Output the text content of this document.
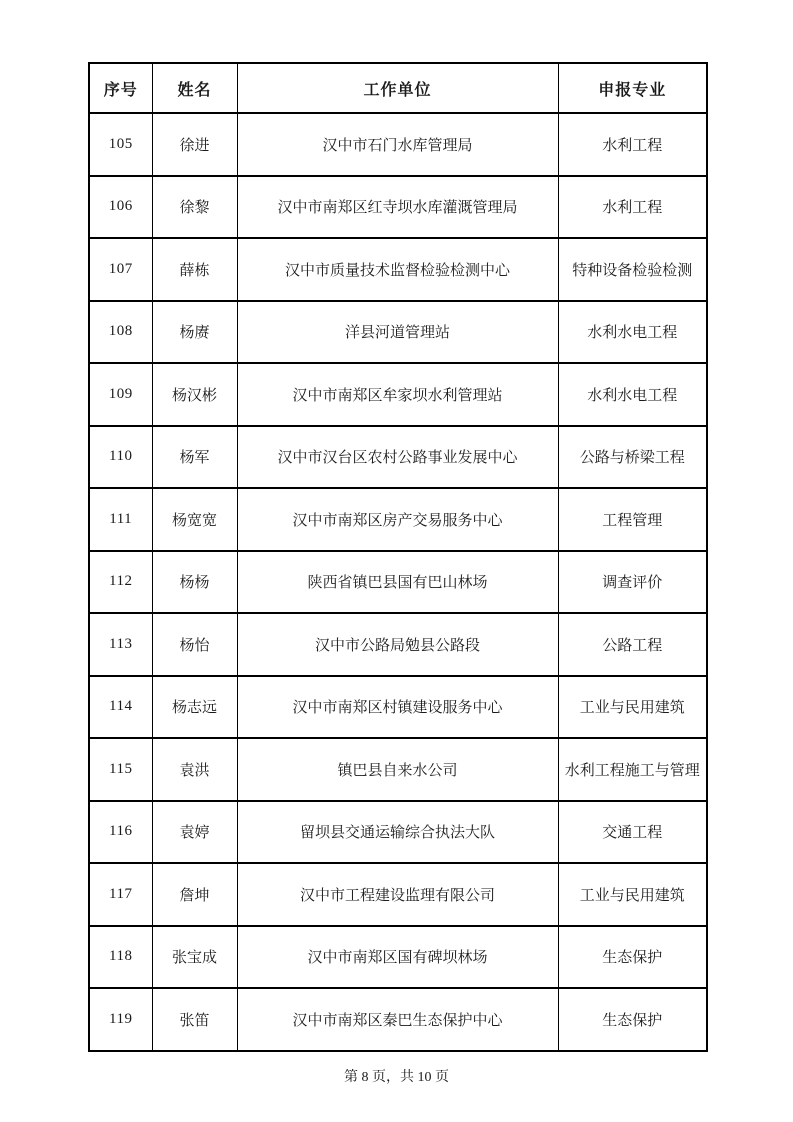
序号	姓名	工作单位	申报专业
105	徐进	汉中市石门水库管理局	水利工程
106	徐黎	汉中市南郑区红寺坝水库灌溉管理局	水利工程
107	薛栋	汉中市质量技术监督检验检测中心	特种设备检验检测
108	杨赓	洋县河道管理站	水利水电工程
109	杨汉彬	汉中市南郑区牟家坝水利管理站	水利水电工程
110	杨军	汉中市汉台区农村公路事业发展中心	公路与桥梁工程
111	杨宽宽	汉中市南郑区房产交易服务中心	工程管理
112	杨杨	陕西省镇巴县国有巴山林场	调查评价
113	杨怡	汉中市公路局勉县公路段	公路工程
114	杨志远	汉中市南郑区村镇建设服务中心	工业与民用建筑
115	袁洪	镇巴县自来水公司	水利工程施工与管理
116	袁婷	留坝县交通运输综合执法大队	交通工程
117	詹坤	汉中市工程建设监理有限公司	工业与民用建筑
118	张宝成	汉中市南郑区国有碑坝林场	生态保护
119	张笛	汉中市南郑区秦巴生态保护中心	生态保护
第 8 页，共 10 页
